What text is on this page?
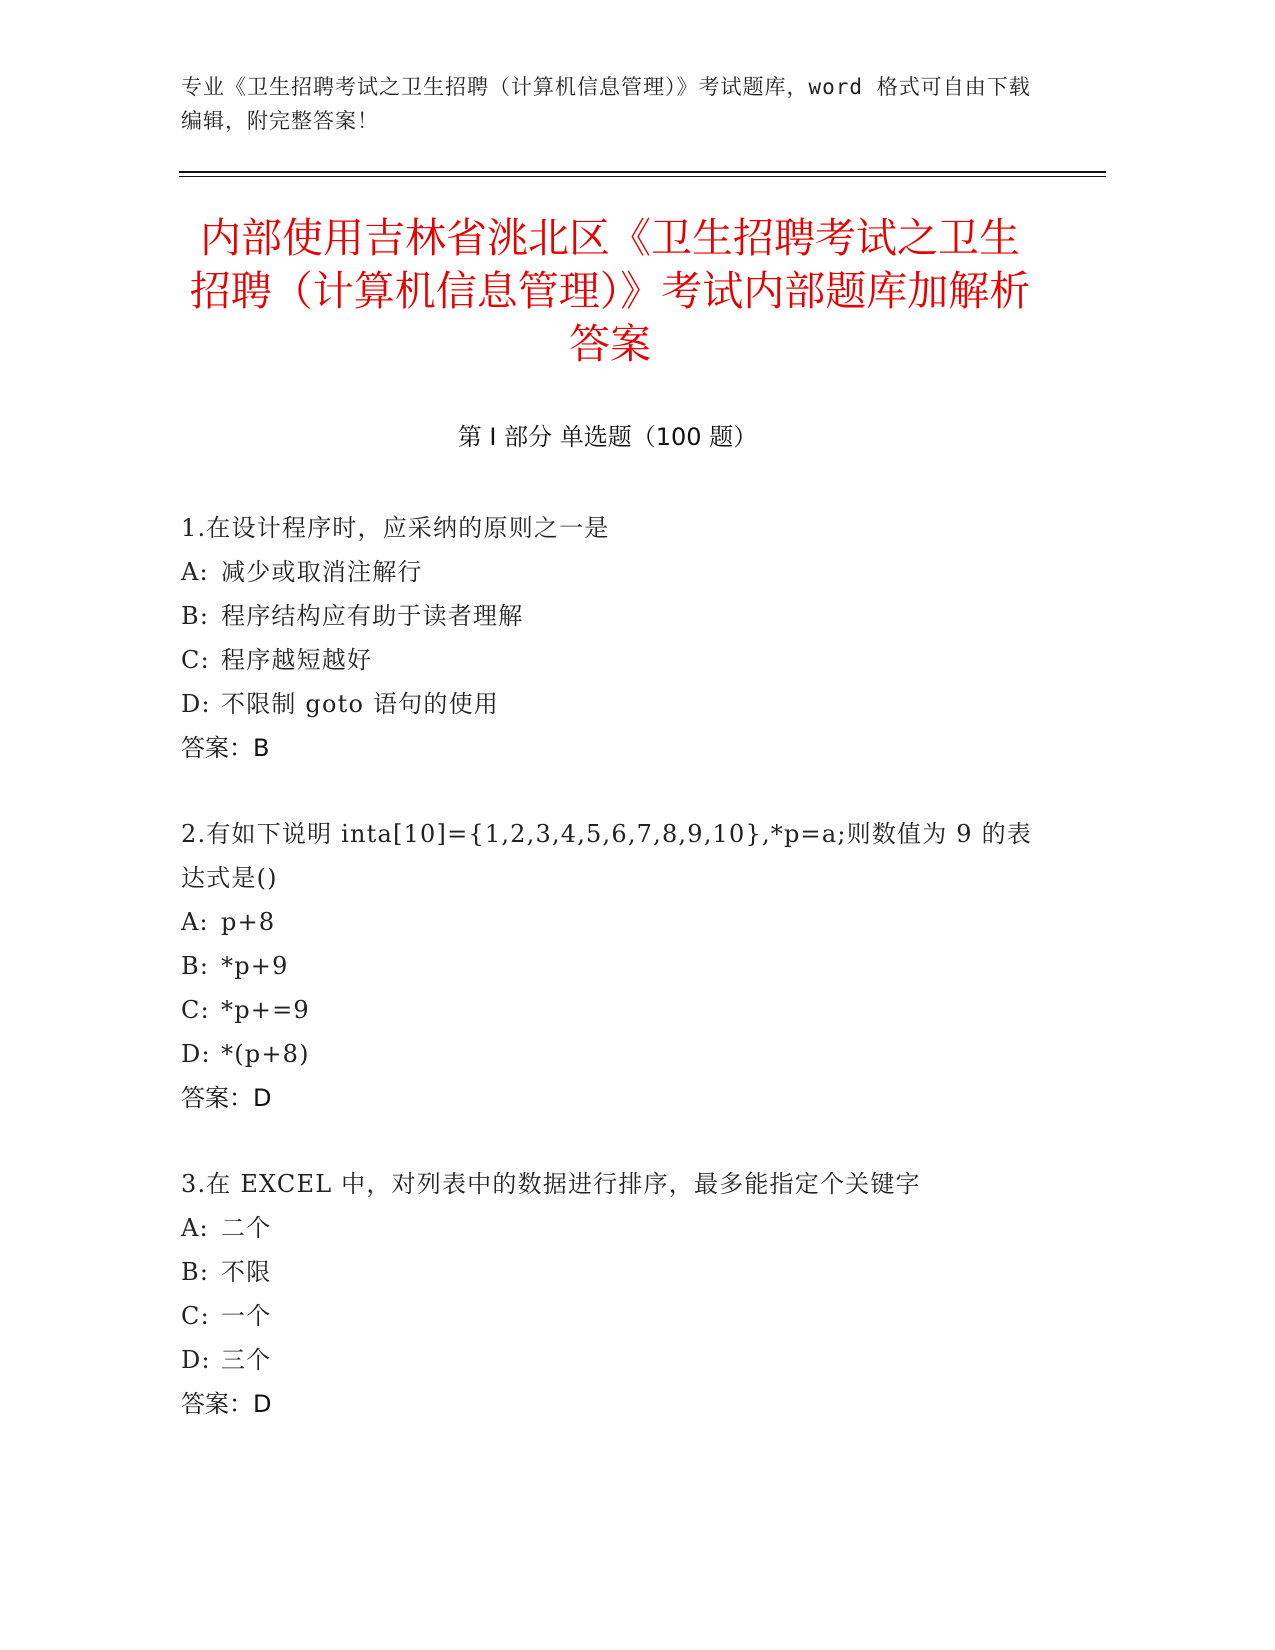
专业《卫生招聘考试之卫生招聘（计算机信息管理）》考试题库，word 格式可自由下载编辑，附完整答案！
内部使用吉林省洮北区《卫生招聘考试之卫生招聘（计算机信息管理）》考试内部题库加解析答案
第 I 部分 单选题（100 题）
1.在设计程序时，应采纳的原则之一是
A: 减少或取消注解行
B: 程序结构应有助于读者理解
C: 程序越短越好
D: 不限制 goto 语句的使用
答案：B
2.有如下说明 inta[10]={1,2,3,4,5,6,7,8,9,10},*p=a;则数值为 9 的表达式是()
A: p+8
B: *p+9
C: *p+=9
D: *(p+8)
答案：D
3.在 EXCEL 中，对列表中的数据进行排序，最多能指定个关键字
A: 二个
B: 不限
C: 一个
D: 三个
答案：D
